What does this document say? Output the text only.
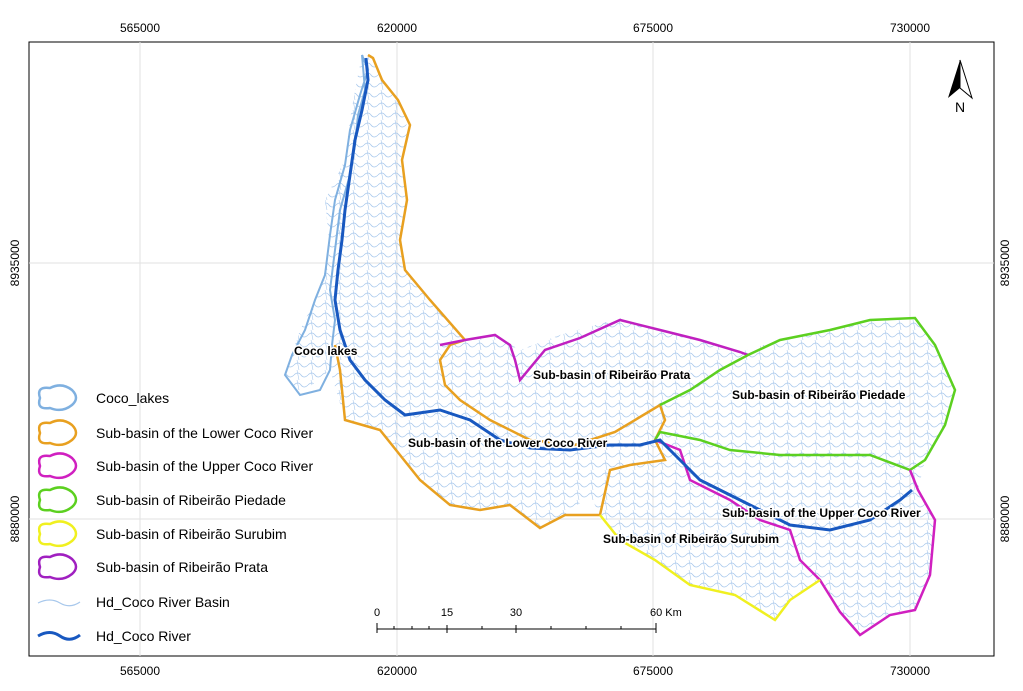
565000	620000	675000	730000
565000	620000	675000	730000
8935000
8880000
8935000
8880000
Coco lakes
Sub-basin of Ribeirão Prata
Sub-basin of Ribeirão Piedade
Sub-basin of the Lower Coco River
Sub-basin of the Upper Coco River
Sub-basin of Ribeirão Surubim
N
0	15	30	60 Km
Coco_lakes
Sub-basin of the Lower Coco River
Sub-basin of the Upper Coco River
Sub-basin of Ribeirão Piedade
Sub-basin of Ribeirão Surubim
Sub-basin of Ribeirão Prata
Hd_Coco River Basin
Hd_Coco River
